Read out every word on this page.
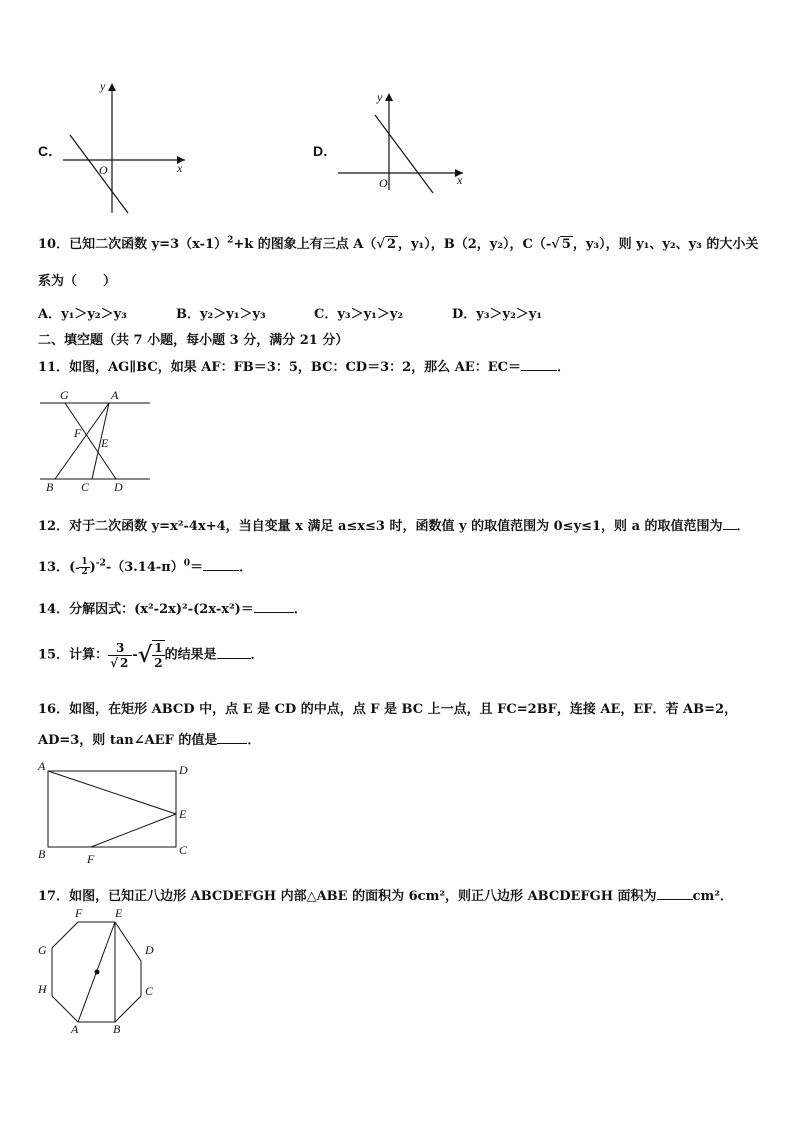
C．
x
y
O
D．
x
y
O
10．已知二次函数 $y=3(x-1)^2+k$ 的图象上有三点 A（√ 2 ，y₁），B（2，y₂），C（-√ 5 ，y₃），则 y₁、y₂、y₃ 的大小关
系为（　　）
A．y₁＞y₂＞y₃	B．y₂＞y₁＞y₃	C．y₃＞y₁＞y₂	D．y₃＞y₂＞y₁
二、填空题（共 7 小题，每小题 3 分，满分 21 分）
11．如图，AG∥BC，如果 AF：FB＝3：5，BC：CD＝3：2，那么 AE：EC＝	．
G	A
F
E
B C D
12．对于二次函数 y=x²-4x+4，当自变量 x 满足 a≤x≤3 时，函数值 y 的取值范围为 0≤y≤1，则 a 的取值范围为 ．
13．(- $\frac{1}{2} )^{-2}-(3.14-\pi)^0=$	．
14．分解因式：(x²-2x)²-(2x-x²)＝	．
15．计算： $\frac{3}{√ 2}$ -√ $\frac{1}{2}$ 的结果是	．
16．如图，在矩形 ABCD 中，点 E 是 CD 的中点，点 F 是 BC 上一点，且 FC=2BF，连接 AE，EF．若 AB=2，
AD=3，则 tan∠AEF 的值是 ．
A	D
E
B	C
F
17．如图，已知正八边形 ABCDEFGH 内部△ABE 的面积为 6cm²，则正八边形 ABCDEFGH 面积为	cm²．
F	E
G	D
H	C
A	B
